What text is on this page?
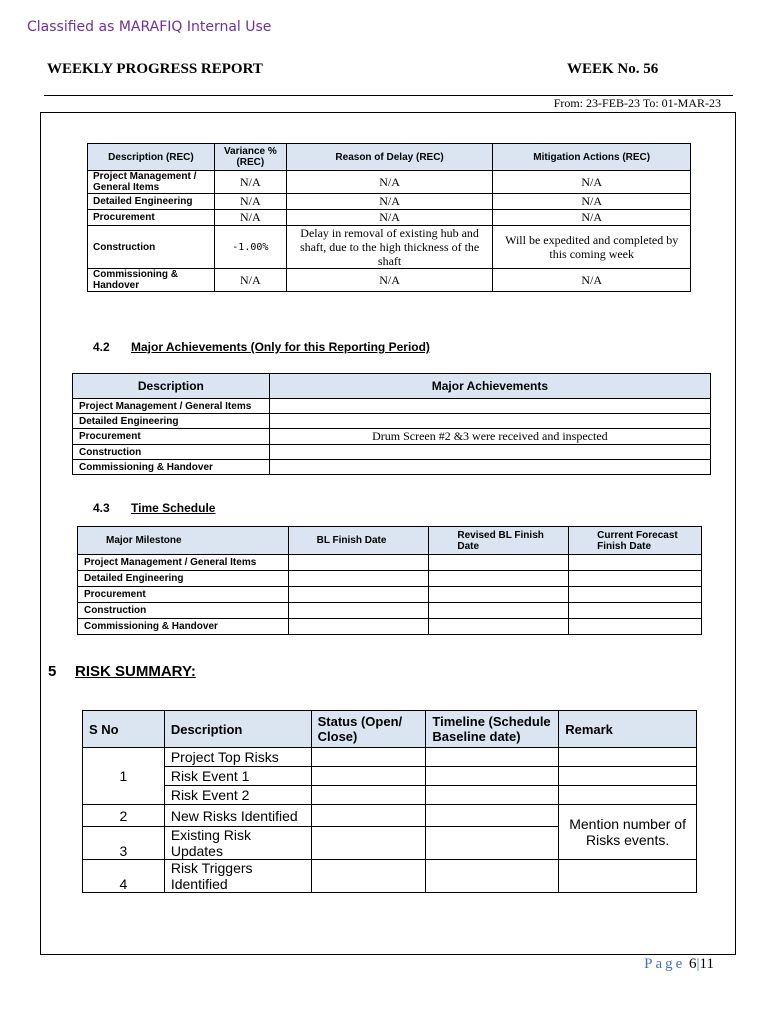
Classified as MARAFIQ Internal Use
WEEKLY PROGRESS REPORT	WEEK No. 56
From: 23-FEB-23 To: 01-MAR-23
Description (REC)	Variance % (REC)	Reason of Delay (REC)	Mitigation Actions (REC)
Project Management / General Items	N/A	N/A	N/A
Detailed Engineering	N/A	N/A	N/A
Procurement	N/A	N/A	N/A
Construction	-1.00%	Delay in removal of existing hub and shaft, due to the high thickness of the shaft	Will be expedited and completed by this coming week
Commissioning & Handover	N/A	N/A	N/A
4.2 Major Achievements (Only for this Reporting Period)
Description	Major Achievements
Project Management / General Items	
Detailed Engineering	
Procurement	Drum Screen #2 &3 were received and inspected
Construction	
Commissioning & Handover	
4.3 Time Schedule
Major Milestone	BL Finish Date	Revised BL Finish Date	Current Forecast Finish Date
Project Management / General Items			
Detailed Engineering			
Procurement			
Construction			
Commissioning & Handover			
5 RISK SUMMARY:
S No	Description	Status (Open/ Close)	Timeline (Schedule Baseline date)	Remark
1	Project Top Risks			
	Risk Event 1			
	Risk Event 2			
2	New Risks Identified			Mention number of Risks events.
3	Existing Risk Updates			
4	Risk Triggers Identified			
Page 6|11
